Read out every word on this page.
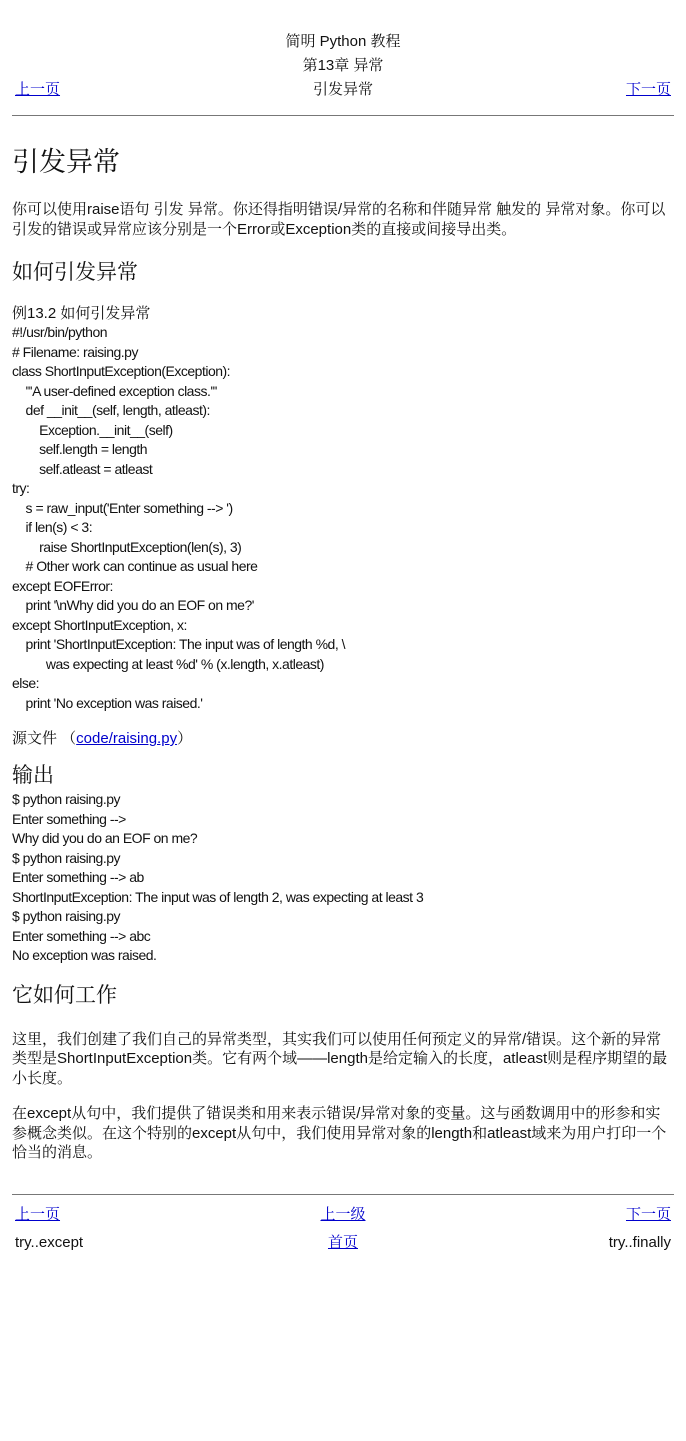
简明 Python 教程
第13章 异常
上一页	引发异常	下一页
引发异常

你可以使用raise语句 引发 异常。你还得指明错误/异常的名称和伴随异常 触发的 异常对象。你可以引发的错误或异常应该分别是一个Error或Exception类的直接或间接导出类。

如何引发异常
例13.2 如何引发异常
#!/usr/bin/python
# Filename: raising.py
class ShortInputException(Exception):
'''A user-defined exception class.'''
def __init__(self, length, atleast):
Exception.__init__(self)
self.length = length
self.atleast = atleast
try:
s = raw_input('Enter something --> ')
if len(s) < 3:
raise ShortInputException(len(s), 3)
# Other work can continue as usual here
except EOFError:
print '\nWhy did you do an EOF on me?'
except ShortInputException, x:
print 'ShortInputException: The input was of length %d, \
was expecting at least %d' % (x.length, x.atleast)
else:
print 'No exception was raised.'
源文件 （code/raising.py）
输出
$ python raising.py
Enter something -->
Why did you do an EOF on me?
$ python raising.py
Enter something --> ab
ShortInputException: The input was of length 2, was expecting at least 3
$ python raising.py
Enter something --> abc
No exception was raised.
它如何工作

这里，我们创建了我们自己的异常类型，其实我们可以使用任何预定义的异常/错误。这个新的异常类型是ShortInputException类。它有两个域——length是给定输入的长度，atleast则是程序期望的最小长度。

在except从句中，我们提供了错误类和用来表示错误/异常对象的变量。这与函数调用中的形参和实参概念类似。在这个特别的except从句中，我们使用异常对象的length和atleast域来为用户打印一个恰当的消息。

上一页	上一级	下一页
try..except	首页	try..finally
